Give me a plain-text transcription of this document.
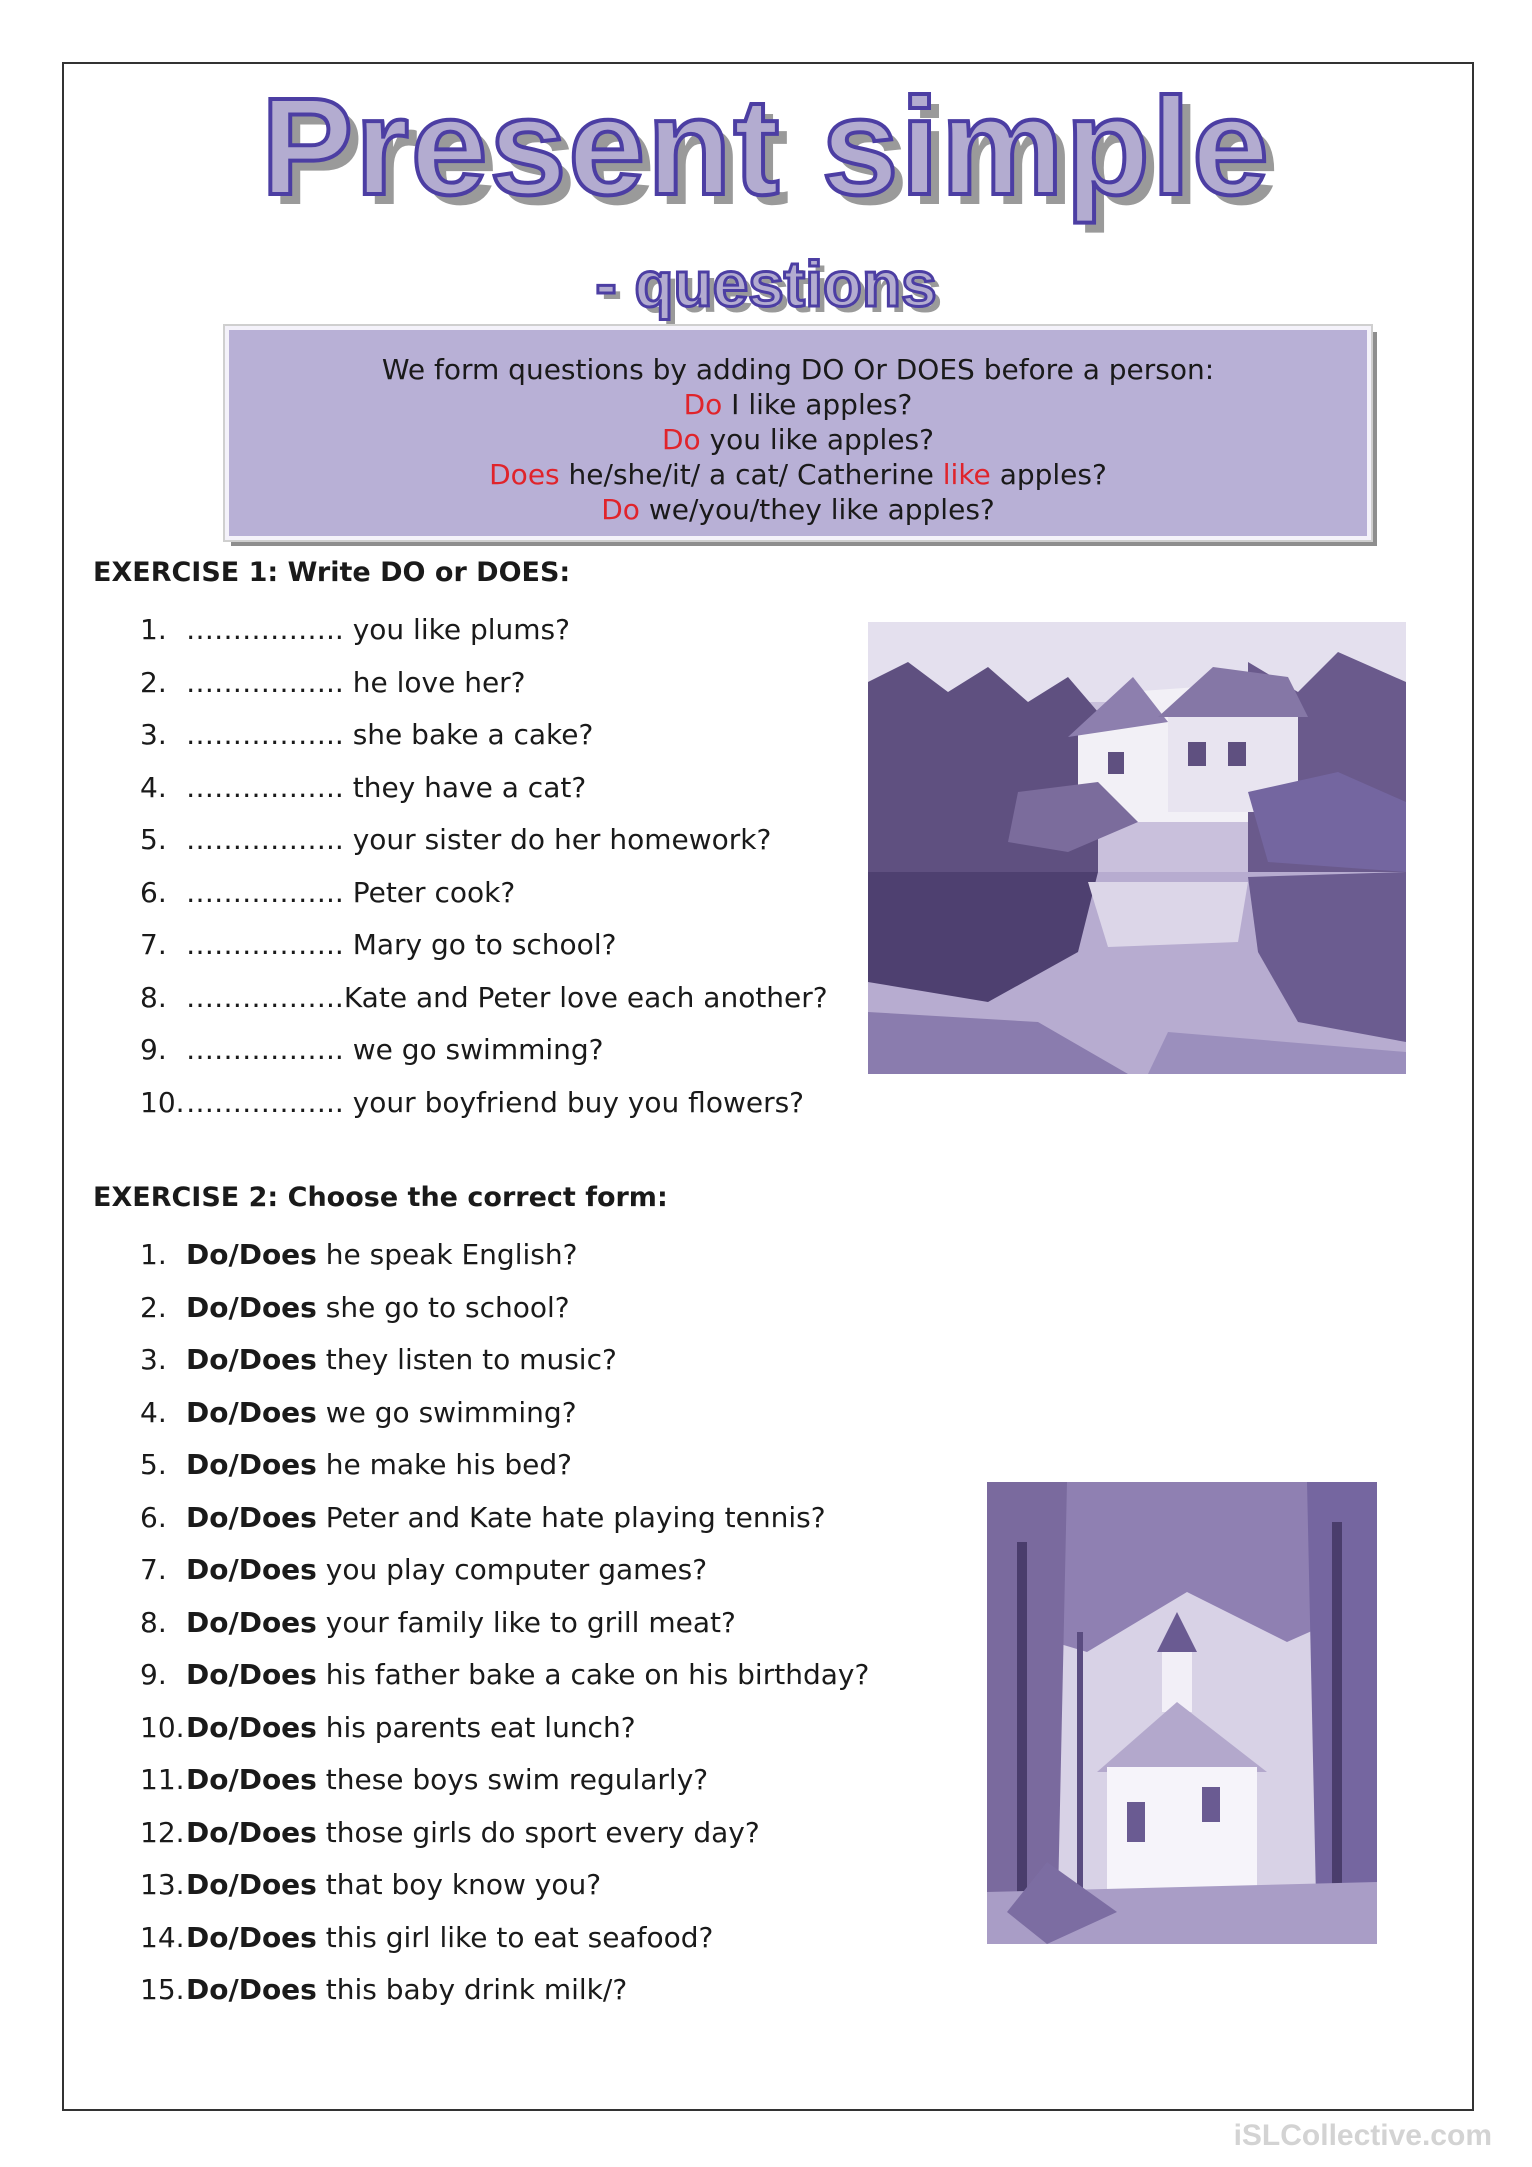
Present simple
- questions
We form questions by adding DO Or DOES before a person:
Do I like apples?
Do you like apples?
Does he/she/it/ a cat/ Catherine like apples?
Do we/you/they like apples?
EXERCISE 1: Write DO or DOES:
1. …………….. you like plums?
2. …………….. he love her?
3. …………….. she bake a cake?
4. …………….. they have a cat?
5. …………….. your sister do her homework?
6. …………….. Peter cook?
7. …………….. Mary go to school?
8. ……………..Kate and Peter love each another?
9. …………….. we go swimming?
10.…………….. your boyfriend buy you flowers?
EXERCISE 2: Choose the correct form:
1. Do/Does he speak English?
2. Do/Does she go to school?
3. Do/Does they listen to music?
4. Do/Does we go swimming?
5. Do/Does he make his bed?
6. Do/Does Peter and Kate hate playing tennis?
7. Do/Does you play computer games?
8. Do/Does your family like to grill meat?
9. Do/Does his father bake a cake on his birthday?
10.Do/Does his parents eat lunch?
11.Do/Does these boys swim regularly?
12.Do/Does those girls do sport every day?
13.Do/Does that boy know you?
14.Do/Does this girl like to eat seafood?
15.Do/Does this baby drink milk/?
iSLCollective.com
